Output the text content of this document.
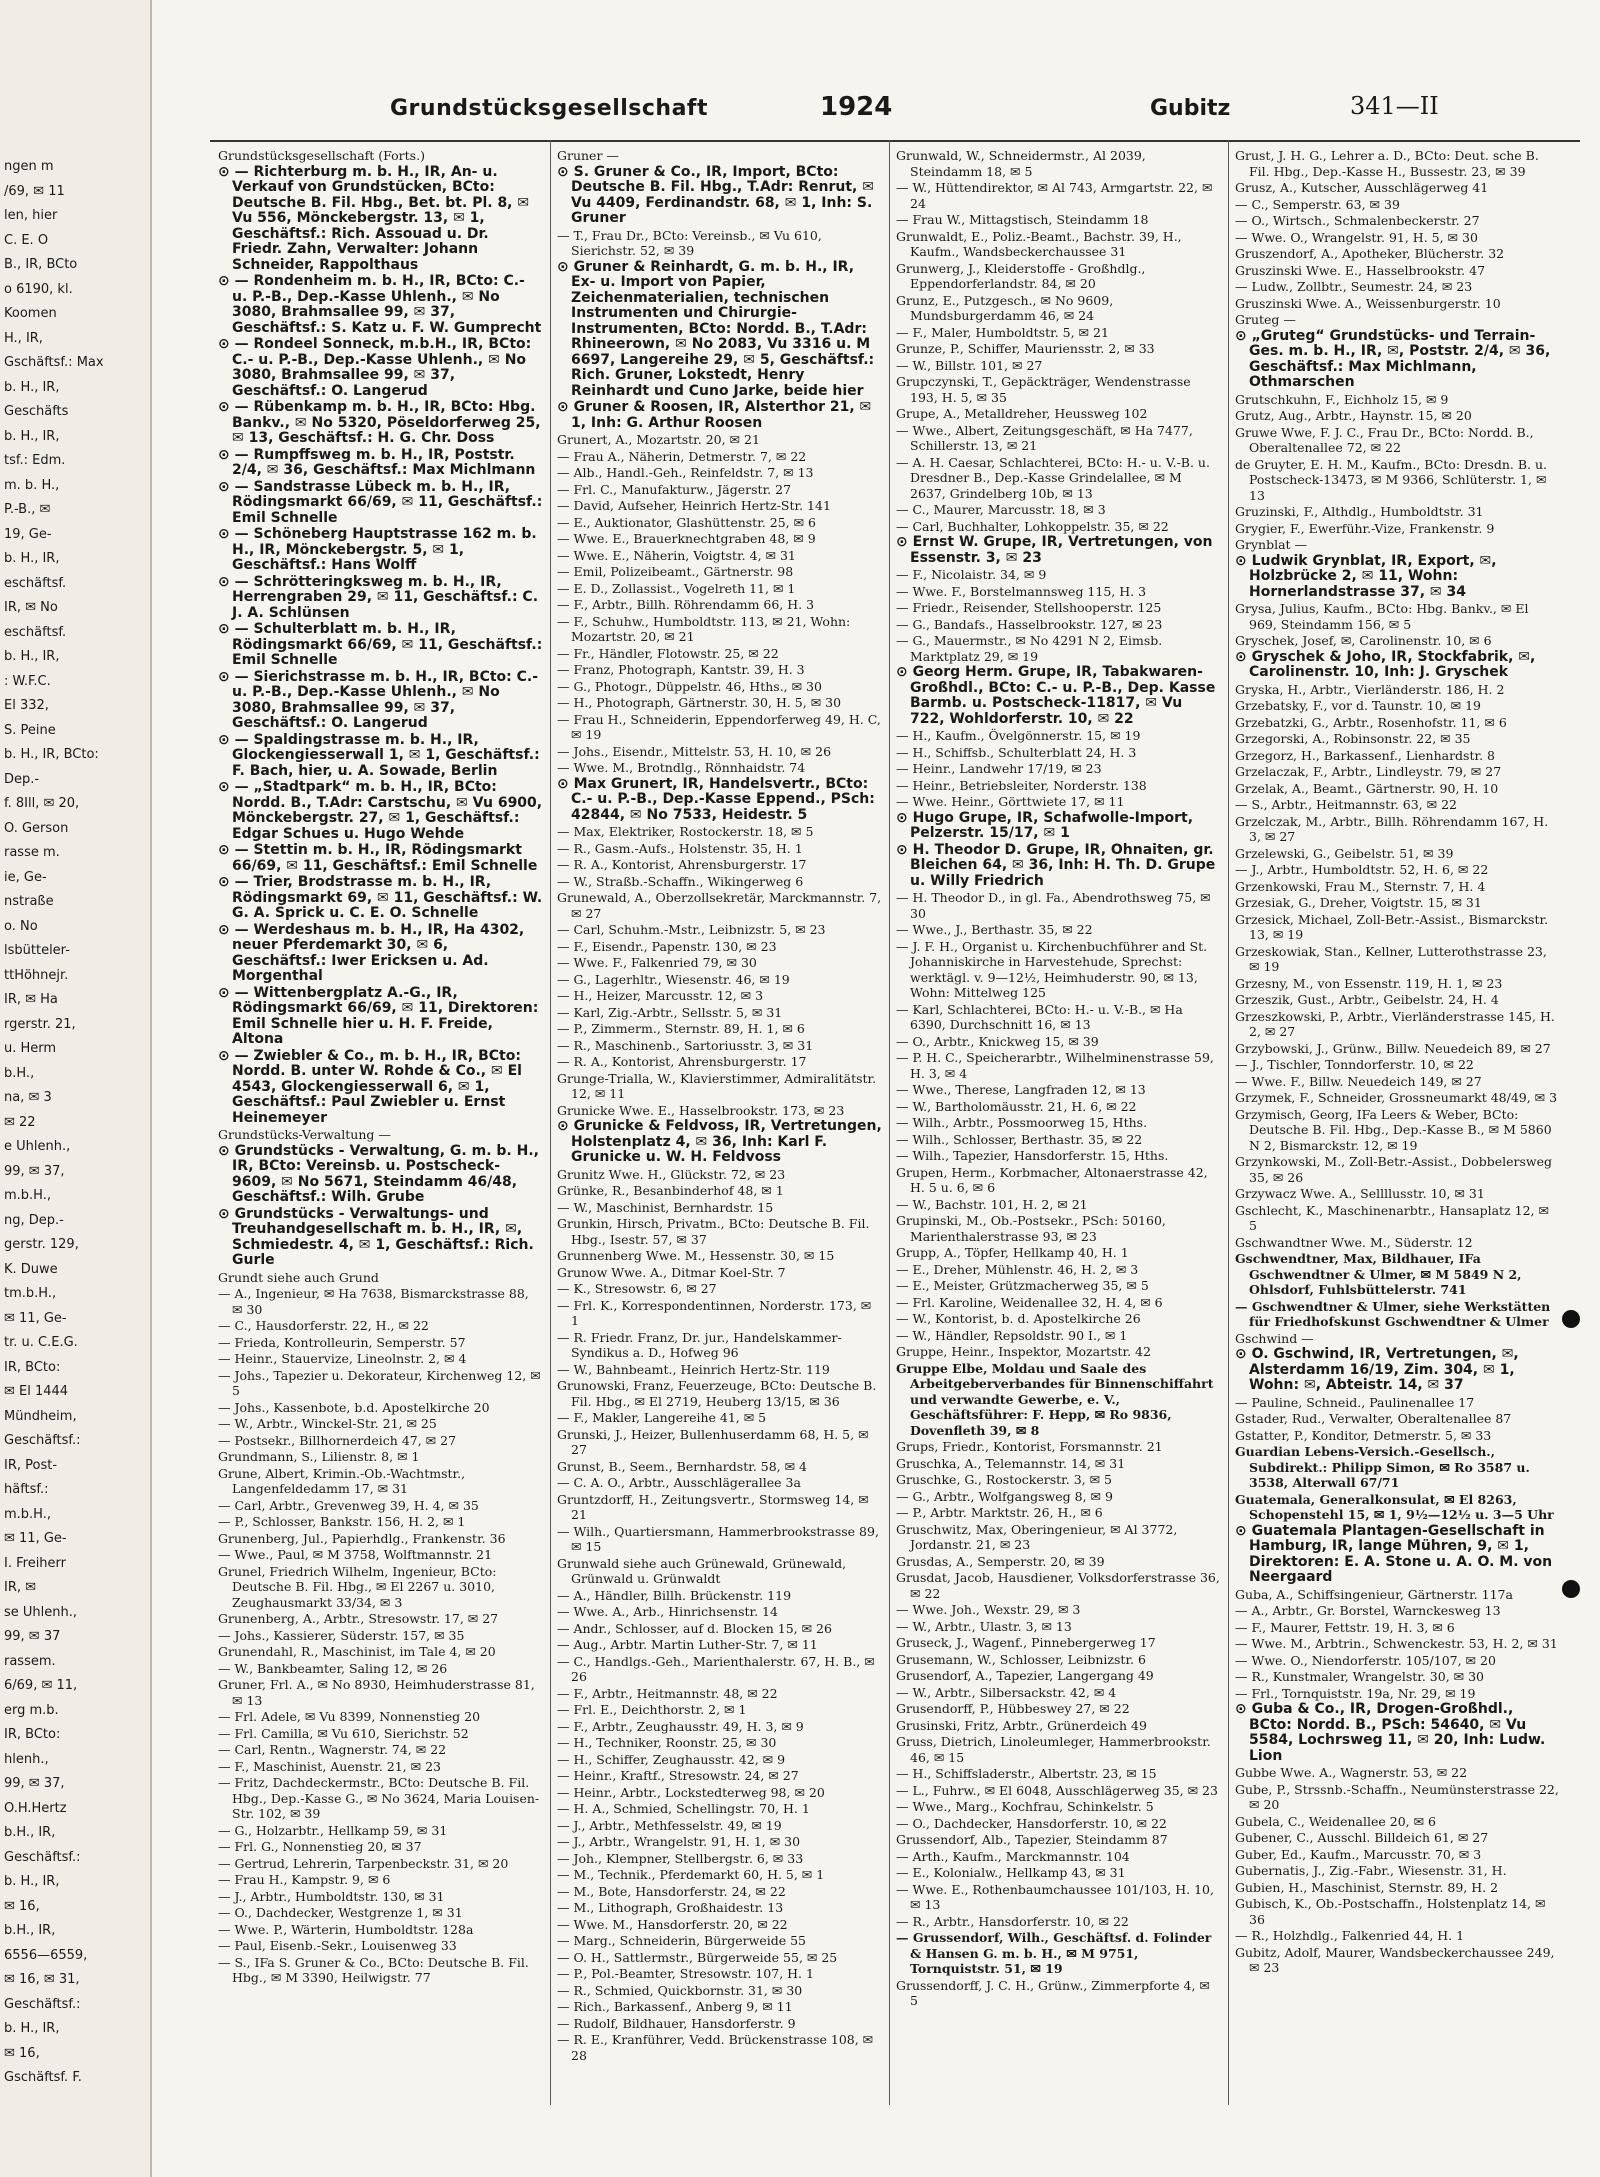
ngen m
/69, ✉ 11
len, hier
C. E. O
B., IR, BCto
o 6190, kl.
Koomen
H., IR,
Gschäftsf.: Max
b. H., IR,
Geschäfts
b. H., IR,
tsf.: Edm.
m. b. H.,
P.-B., ✉
19, Ge-
b. H., IR,
eschäftsf.
IR, ✉ No
eschäftsf.
b. H., IR,
: W.F.C.
El 332,
S. Peine
b. H., IR, BCto:
Dep.-
f. 8Ill, ✉ 20,
O. Gerson
rasse m.
ie, Ge-
nstraße
o. No
lsbütteler-
ttHöhnejr.
IR, ✉ Ha
rgerstr. 21,
u. Herm
b.H.,
na, ✉ 3
✉ 22
e Uhlenh.,
99, ✉ 37,
m.b.H.,
ng, Dep.-
gerstr. 129,
K. Duwe
tm.b.H.,
✉ 11, Ge-
tr. u. C.E.G.
IR, BCto:
✉ El 1444
Mündheim,
Geschäftsf.:
IR, Post-
häftsf.:
m.b.H.,
✉ 11, Ge-
I. Freiherr
IR, ✉
se Uhlenh.,
99, ✉ 37
rassem.
6/69, ✉ 11,
erg m.b.
IR, BCto:
hlenh.,
99, ✉ 37,
O.H.Hertz
b.H., IR,
Geschäftsf.:
b. H., IR,
✉ 16,
b.H., IR,
6556—6559,
✉ 16, ✉ 31,
Geschäftsf.:
b. H., IR,
✉ 16,
Gschäftsf. F.
Grundstücksgesellschaft	1924	Gubitz	341—II
Grundstücksgesellschaft (Forts.)
⊙ — Richterburg m. b. H., IR, An- u. Verkauf von Grundstücken, BCto: Deutsche B. Fil. Hbg., Bet. bt. Pl. 8, ✉ Vu 556, Mönckebergstr. 13, ✉ 1, Geschäftsf.: Rich. Assouad u. Dr. Friedr. Zahn, Verwalter: Johann Schneider, Rappolthaus
⊙ — Rondenheim m. b. H., IR, BCto: C.- u. P.-B., Dep.-Kasse Uhlenh., ✉ No 3080, Brahmsallee 99, ✉ 37, Geschäftsf.: S. Katz u. F. W. Gumprecht
⊙ — Rondeel Sonneck, m.b.H., IR, BCto: C.- u. P.-B., Dep.-Kasse Uhlenh., ✉ No 3080, Brahmsallee 99, ✉ 37, Geschäftsf.: O. Langerud
⊙ — Rübenkamp m. b. H., IR, BCto: Hbg. Bankv., ✉ No 5320, Pöseldorferweg 25, ✉ 13, Geschäftsf.: H. G. Chr. Doss
⊙ — Rumpffsweg m. b. H., IR, Poststr. 2/4, ✉ 36, Geschäftsf.: Max Michlmann
⊙ — Sandstrasse Lübeck m. b. H., IR, Rödingsmarkt 66/69, ✉ 11, Geschäftsf.: Emil Schnelle
⊙ — Schöneberg Hauptstrasse 162 m. b. H., IR, Mönckebergstr. 5, ✉ 1, Geschäftsf.: Hans Wolff
⊙ — Schrötteringksweg m. b. H., IR, Herrengraben 29, ✉ 11, Geschäftsf.: C. J. A. Schlünsen
⊙ — Schulterblatt m. b. H., IR, Rödingsmarkt 66/69, ✉ 11, Geschäftsf.: Emil Schnelle
⊙ — Sierichstrasse m. b. H., IR, BCto: C.- u. P.-B., Dep.-Kasse Uhlenh., ✉ No 3080, Brahmsallee 99, ✉ 37, Geschäftsf.: O. Langerud
⊙ — Spaldingstrasse m. b. H., IR, Glockengiesserwall 1, ✉ 1, Geschäftsf.: F. Bach, hier, u. A. Sowade, Berlin
⊙ — „Stadtpark“ m. b. H., IR, BCto: Nordd. B., T.Adr: Carstschu, ✉ Vu 6900, Mönckebergstr. 27, ✉ 1, Geschäftsf.: Edgar Schues u. Hugo Wehde
⊙ — Stettin m. b. H., IR, Rödingsmarkt 66/69, ✉ 11, Geschäftsf.: Emil Schnelle
⊙ — Trier, Brodstrasse m. b. H., IR, Rödingsmarkt 69, ✉ 11, Geschäftsf.: W. G. A. Sprick u. C. E. O. Schnelle
⊙ — Werdeshaus m. b. H., IR, Ha 4302, neuer Pferdemarkt 30, ✉ 6, Geschäftsf.: Iwer Ericksen u. Ad. Morgenthal
⊙ — Wittenbergplatz A.-G., IR, Rödingsmarkt 66/69, ✉ 11, Direktoren: Emil Schnelle hier u. H. F. Freide, Altona
⊙ — Zwiebler & Co., m. b. H., IR, BCto: Nordd. B. unter W. Rohde & Co., ✉ El 4543, Glockengiesserwall 6, ✉ 1, Geschäftsf.: Paul Zwiebler u. Ernst Heinemeyer
Grundstücks-Verwaltung —
⊙ Grundstücks - Verwaltung, G. m. b. H., IR, BCto: Vereinsb. u. Postscheck-9609, ✉ No 5671, Steindamm 46/48, Geschäftsf.: Wilh. Grube
⊙ Grundstücks - Verwaltungs- und Treuhandgesellschaft m. b. H., IR, ✉, Schmiedestr. 4, ✉ 1, Geschäftsf.: Rich. Gurle
Grundt siehe auch Grund
— A., Ingenieur, ✉ Ha 7638, Bismarckstrasse 88, ✉ 30
— C., Hausdorferstr. 22, H., ✉ 22
— Frieda, Kontrolleurin, Semperstr. 57
— Heinr., Stauervize, Lineolnstr. 2, ✉ 4
— Johs., Tapezier u. Dekorateur, Kirchenweg 12, ✉ 5
— Johs., Kassenbote, b.d. Apostelkirche 20
— W., Arbtr., Winckel-Str. 21, ✉ 25
— Postsekr., Billhornerdeich 47, ✉ 27
Grundmann, S., Lilienstr. 8, ✉ 1
Grune, Albert, Krimin.-Ob.-Wachtmstr., Langenfeldedamm 17, ✉ 31
— Carl, Arbtr., Grevenweg 39, H. 4, ✉ 35
— P., Schlosser, Bankstr. 156, H. 2, ✉ 1
Grunenberg, Jul., Papierhdlg., Frankenstr. 36
— Wwe., Paul, ✉ M 3758, Wolftmannstr. 21
Grunel, Friedrich Wilhelm, Ingenieur, BCto: Deutsche B. Fil. Hbg., ✉ El 2267 u. 3010, Zeughausmarkt 33/34, ✉ 3
Grunenberg, A., Arbtr., Stresowstr. 17, ✉ 27
— Johs., Kassierer, Süderstr. 157, ✉ 35
Grunendahl, R., Maschinist, im Tale 4, ✉ 20
— W., Bankbeamter, Saling 12, ✉ 26
Gruner, Frl. A., ✉ No 8930, Heimhuderstrasse 81, ✉ 13
— Frl. Adele, ✉ Vu 8399, Nonnenstieg 20
— Frl. Camilla, ✉ Vu 610, Sierichstr. 52
— Carl, Rentn., Wagnerstr. 74, ✉ 22
— F., Maschinist, Auenstr. 21, ✉ 23
— Fritz, Dachdeckermstr., BCto: Deutsche B. Fil. Hbg., Dep.-Kasse G., ✉ No 3624, Maria Louisen-Str. 102, ✉ 39
— G., Holzarbtr., Hellkamp 59, ✉ 31
— Frl. G., Nonnenstieg 20, ✉ 37
— Gertrud, Lehrerin, Tarpenbeckstr. 31, ✉ 20
— Frau H., Kampstr. 9, ✉ 6
— J., Arbtr., Humboldtstr. 130, ✉ 31
— O., Dachdecker, Westgrenze 1, ✉ 31
— Wwe. P., Wärterin, Humboldtstr. 128a
— Paul, Eisenb.-Sekr., Louisenweg 33
— S., IFa S. Gruner & Co., BCto: Deutsche B. Fil. Hbg., ✉ M 3390, Heilwigstr. 77
Gruner —
⊙ S. Gruner & Co., IR, Import, BCto: Deutsche B. Fil. Hbg., T.Adr: Renrut, ✉ Vu 4409, Ferdinandstr. 68, ✉ 1, Inh: S. Gruner
— T., Frau Dr., BCto: Vereinsb., ✉ Vu 610, Sierichstr. 52, ✉ 39
⊙ Gruner & Reinhardt, G. m. b. H., IR, Ex- u. Import von Papier, Zeichenmaterialien, technischen Instrumenten und Chirurgie-Instrumenten, BCto: Nordd. B., T.Adr: Rhineerown, ✉ No 2083, Vu 3316 u. M 6697, Langereihe 29, ✉ 5, Geschäftsf.: Rich. Gruner, Lokstedt, Henry Reinhardt und Cuno Jarke, beide hier
⊙ Gruner & Roosen, IR, Alsterthor 21, ✉ 1, Inh: G. Arthur Roosen
Grunert, A., Mozartstr. 20, ✉ 21
— Frau A., Näherin, Detmerstr. 7, ✉ 22
— Alb., Handl.-Geh., Reinfeldstr. 7, ✉ 13
— Frl. C., Manufakturw., Jägerstr. 27
— David, Aufseher, Heinrich Hertz-Str. 141
— E., Auktionator, Glashüttenstr. 25, ✉ 6
— Wwe. E., Brauerknechtgraben 48, ✉ 9
— Wwe. E., Näherin, Voigtstr. 4, ✉ 31
— Emil, Polizeibeamt., Gärtnerstr. 98
— E. D., Zollassist., Vogelreth 11, ✉ 1
— F., Arbtr., Billh. Röhrendamm 66, H. 3
— F., Schuhw., Humboldtstr. 113, ✉ 21, Wohn: Mozartstr. 20, ✉ 21
— Fr., Händler, Flotowstr. 25, ✉ 22
— Franz, Photograph, Kantstr. 39, H. 3
— G., Photogr., Düppelstr. 46, Hths., ✉ 30
— H., Photograph, Gärtnerstr. 30, H. 5, ✉ 30
— Frau H., Schneiderin, Eppendorferweg 49, H. C, ✉ 19
— Johs., Eisendr., Mittelstr. 53, H. 10, ✉ 26
— Wwe. M., Brotndlg., Rönnhaidstr. 74
⊙ Max Grunert, IR, Handelsvertr., BCto: C.- u. P.-B., Dep.-Kasse Eppend., PSch: 42844, ✉ No 7533, Heidestr. 5
— Max, Elektriker, Rostockerstr. 18, ✉ 5
— R., Gasm.-Aufs., Holstenstr. 35, H. 1
— R. A., Kontorist, Ahrensburgerstr. 17
— W., Straßb.-Schaffn., Wikingerweg 6
Grunewald, A., Oberzollsekretär, Marckmannstr. 7, ✉ 27
— Carl, Schuhm.-Mstr., Leibnizstr. 5, ✉ 23
— F., Eisendr., Papenstr. 130, ✉ 23
— Wwe. F., Falkenried 79, ✉ 30
— G., Lagerhltr., Wiesenstr. 46, ✉ 19
— H., Heizer, Marcusstr. 12, ✉ 3
— Karl, Zig.-Arbtr., Sellsstr. 5, ✉ 31
— P., Zimmerm., Sternstr. 89, H. 1, ✉ 6
— R., Maschinenb., Sartoriusstr. 3, ✉ 31
— R. A., Kontorist, Ahrensburgerstr. 17
Grunge-Trialla, W., Klavierstimmer, Admiralitätstr. 12, ✉ 11
Grunicke Wwe. E., Hasselbrookstr. 173, ✉ 23
⊙ Grunicke & Feldvoss, IR, Vertretungen, Holstenplatz 4, ✉ 36, Inh: Karl F. Grunicke u. W. H. Feldvoss
Grunitz Wwe. H., Glückstr. 72, ✉ 23
Grünke, R., Besanbinderhof 48, ✉ 1
— W., Maschinist, Bernhardstr. 15
Grunkin, Hirsch, Privatm., BCto: Deutsche B. Fil. Hbg., Isestr. 57, ✉ 37
Grunnenberg Wwe. M., Hessenstr. 30, ✉ 15
Grunow Wwe. A., Ditmar Koel-Str. 7
— K., Stresowstr. 6, ✉ 27
— Frl. K., Korrespondentinnen, Norderstr. 173, ✉ 1
— R. Friedr. Franz, Dr. jur., Handelskammer-Syndikus a. D., Hofweg 96
— W., Bahnbeamt., Heinrich Hertz-Str. 119
Grunowski, Franz, Feuerzeuge, BCto: Deutsche B. Fil. Hbg., ✉ El 2719, Heuberg 13/15, ✉ 36
— F., Makler, Langereihe 41, ✉ 5
Grunski, J., Heizer, Bullenhuserdamm 68, H. 5, ✉ 27
Grunst, B., Seem., Bernhardstr. 58, ✉ 4
— C. A. O., Arbtr., Ausschlägerallee 3a
Gruntzdorff, H., Zeitungsvertr., Stormsweg 14, ✉ 21
— Wilh., Quartiersmann, Hammerbrookstrasse 89, ✉ 15
Grunwald siehe auch Grünewald, Grünewald, Grünwald u. Grünwaldt
— A., Händler, Billh. Brückenstr. 119
— Wwe. A., Arb., Hinrichsenstr. 14
— Andr., Schlosser, auf d. Blocken 15, ✉ 26
— Aug., Arbtr. Martin Luther-Str. 7, ✉ 11
— C., Handlgs.-Geh., Marienthalerstr. 67, H. B., ✉ 26
— F., Arbtr., Heitmannstr. 48, ✉ 22
— Frl. E., Deichthorstr. 2, ✉ 1
— F., Arbtr., Zeughausstr. 49, H. 3, ✉ 9
— H., Techniker, Roonstr. 25, ✉ 30
— H., Schiffer, Zeughausstr. 42, ✉ 9
— Heinr., Kraftf., Stresowstr. 24, ✉ 27
— Heinr., Arbtr., Lockstedterweg 98, ✉ 20
— H. A., Schmied, Schellingstr. 70, H. 1
— J., Arbtr., Methfesselstr. 49, ✉ 19
— J., Arbtr., Wrangelstr. 91, H. 1, ✉ 30
— Joh., Klempner, Stellbergstr. 6, ✉ 33
— M., Technik., Pferdemarkt 60, H. 5, ✉ 1
— M., Bote, Hansdorferstr. 24, ✉ 22
— M., Lithograph, Großhaidestr. 13
— Wwe. M., Hansdorferstr. 20, ✉ 22
— Marg., Schneiderin, Bürgerweide 55
— O. H., Sattlermstr., Bürgerweide 55, ✉ 25
— P., Pol.-Beamter, Stresowstr. 107, H. 1
— R., Schmied, Quickbornstr. 31, ✉ 30
— Rich., Barkassenf., Anberg 9, ✉ 11
— Rudolf, Bildhauer, Hansdorferstr. 9
— R. E., Kranführer, Vedd. Brückenstrasse 108, ✉ 28
Grunwald, W., Schneidermstr., Al 2039, Steindamm 18, ✉ 5
— W., Hüttendirektor, ✉ Al 743, Armgartstr. 22, ✉ 24
— Frau W., Mittagstisch, Steindamm 18
Grunwaldt, E., Poliz.-Beamt., Bachstr. 39, H., Kaufm., Wandsbeckerchaussee 31
Grunwerg, J., Kleiderstoffe - Großhdlg., Eppendorferlandstr. 84, ✉ 20
Grunz, E., Putzgesch., ✉ No 9609, Mundsburgerdamm 46, ✉ 24
— F., Maler, Humboldtstr. 5, ✉ 21
Grunze, P., Schiffer, Mauriensstr. 2, ✉ 33
— W., Billstr. 101, ✉ 27
Grupczynski, T., Gepäckträger, Wendenstrasse 193, H. 5, ✉ 35
Grupe, A., Metalldreher, Heussweg 102
— Wwe., Albert, Zeitungsgeschäft, ✉ Ha 7477, Schillerstr. 13, ✉ 21
— A. H. Caesar, Schlachterei, BCto: H.- u. V.-B. u. Dresdner B., Dep.-Kasse Grindelallee, ✉ M 2637, Grindelberg 10b, ✉ 13
— C., Maurer, Marcusstr. 18, ✉ 3
— Carl, Buchhalter, Lohkoppelstr. 35, ✉ 22
⊙ Ernst W. Grupe, IR, Vertretungen, von Essenstr. 3, ✉ 23
— F., Nicolaistr. 34, ✉ 9
— Wwe. F., Borstelmannsweg 115, H. 3
— Friedr., Reisender, Stellshooperstr. 125
— G., Bandafs., Hasselbrookstr. 127, ✉ 23
— G., Mauermstr., ✉ No 4291 N 2, Eimsb. Marktplatz 29, ✉ 19
⊙ Georg Herm. Grupe, IR, Tabakwaren-Großhdl., BCto: C.- u. P.-B., Dep. Kasse Barmb. u. Postscheck-11817, ✉ Vu 722, Wohldorferstr. 10, ✉ 22
— H., Kaufm., Övelgönnerstr. 15, ✉ 19
— H., Schiffsb., Schulterblatt 24, H. 3
— Heinr., Landwehr 17/19, ✉ 23
— Heinr., Betriebsleiter, Norderstr. 138
— Wwe. Heinr., Görttwiete 17, ✉ 11
⊙ Hugo Grupe, IR, Schafwolle-Import, Pelzerstr. 15/17, ✉ 1
⊙ H. Theodor D. Grupe, IR, Ohnaiten, gr. Bleichen 64, ✉ 36, Inh: H. Th. D. Grupe u. Willy Friedrich
— H. Theodor D., in gl. Fa., Abendrothsweg 75, ✉ 30
— Wwe., J., Berthastr. 35, ✉ 22
— J. F. H., Organist u. Kirchenbuchführer and St. Johanniskirche in Harvestehude, Sprechst: werktägl. v. 9—12½, Heimhuderstr. 90, ✉ 13, Wohn: Mittelweg 125
— Karl, Schlachterei, BCto: H.- u. V.-B., ✉ Ha 6390, Durchschnitt 16, ✉ 13
— O., Arbtr., Knickweg 15, ✉ 39
— P. H. C., Speicherarbtr., Wilhelminenstrasse 59, H. 3, ✉ 4
— Wwe., Therese, Langfraden 12, ✉ 13
— W., Bartholomäusstr. 21, H. 6, ✉ 22
— Wilh., Arbtr., Possmoorweg 15, Hths.
— Wilh., Schlosser, Berthastr. 35, ✉ 22
— Wilh., Tapezier, Hansdorferstr. 15, Hths.
Grupen, Herm., Korbmacher, Altonaerstrasse 42, H. 5 u. 6, ✉ 6
— W., Bachstr. 101, H. 2, ✉ 21
Grupinski, M., Ob.-Postsekr., PSch: 50160, Marienthalerstrasse 93, ✉ 23
Grupp, A., Töpfer, Hellkamp 40, H. 1
— E., Dreher, Mühlenstr. 46, H. 2, ✉ 3
— E., Meister, Grützmacherweg 35, ✉ 5
— Frl. Karoline, Weidenallee 32, H. 4, ✉ 6
— W., Kontorist, b. d. Apostelkirche 26
— W., Händler, Repsoldstr. 90 I., ✉ 1
Gruppe, Heinr., Inspektor, Mozartstr. 42
Gruppe Elbe, Moldau und Saale des Arbeitgeberverbandes für Binnenschiffahrt und verwandte Gewerbe, e. V., Geschäftsführer: F. Hepp, ✉ Ro 9836, Dovenfleth 39, ✉ 8
Grups, Friedr., Kontorist, Forsmannstr. 21
Gruschka, A., Telemannstr. 14, ✉ 31
Gruschke, G., Rostockerstr. 3, ✉ 5
— G., Arbtr., Wolfgangsweg 8, ✉ 9
— P., Arbtr. Marktstr. 26, H., ✉ 6
Gruschwitz, Max, Oberingenieur, ✉ Al 3772, Jordanstr. 21, ✉ 23
Grusdas, A., Semperstr. 20, ✉ 39
Grusdat, Jacob, Hausdiener, Volksdorferstrasse 36, ✉ 22
— Wwe. Joh., Wexstr. 29, ✉ 3
— W., Arbtr., Ulastr. 3, ✉ 13
Gruseck, J., Wagenf., Pinnebergerweg 17
Grusemann, W., Schlosser, Leibnizstr. 6
Grusendorf, A., Tapezier, Langergang 49
— W., Arbtr., Silbersackstr. 42, ✉ 4
Grusendorff, P., Hübbeswey 27, ✉ 22
Grusinski, Fritz, Arbtr., Grünerdeich 49
Gruss, Dietrich, Linoleumleger, Hammerbrookstr. 46, ✉ 15
— H., Schiffsladerstr., Albertstr. 23, ✉ 15
— L., Fuhrw., ✉ El 6048, Ausschlägerweg 35, ✉ 23
— Wwe., Marg., Kochfrau, Schinkelstr. 5
— O., Dachdecker, Hansdorferstr. 10, ✉ 22
Grussendorf, Alb., Tapezier, Steindamm 87
— Arth., Kaufm., Marckmannstr. 104
— E., Kolonialw., Hellkamp 43, ✉ 31
— Wwe. E., Rothenbaumchaussee 101/103, H. 10, ✉ 13
— R., Arbtr., Hansdorferstr. 10, ✉ 22
— Grussendorf, Wilh., Geschäftsf. d. Folinder & Hansen G. m. b. H., ✉ M 9751, Tornquiststr. 51, ✉ 19
Grussendorff, J. C. H., Grünw., Zimmerpforte 4, ✉ 5
Grust, J. H. G., Lehrer a. D., BCto: Deut. sche B. Fil. Hbg., Dep.-Kasse H., Bussestr. 23, ✉ 39
Grusz, A., Kutscher, Ausschlägerweg 41
— C., Semperstr. 63, ✉ 39
— O., Wirtsch., Schmalenbeckerstr. 27
— Wwe. O., Wrangelstr. 91, H. 5, ✉ 30
Gruszendorf, A., Apotheker, Blücherstr. 32
Gruszinski Wwe. E., Hasselbrookstr. 47
— Ludw., Zollbtr., Seumestr. 24, ✉ 23
Gruszinski Wwe. A., Weissenburgerstr. 10
Gruteg —
⊙ „Gruteg“ Grundstücks- und Terrain-Ges. m. b. H., IR, ✉, Poststr. 2/4, ✉ 36, Geschäftsf.: Max Michlmann, Othmarschen
Grutschkuhn, F., Eichholz 15, ✉ 9
Grutz, Aug., Arbtr., Haynstr. 15, ✉ 20
Gruwe Wwe, F. J. C., Frau Dr., BCto: Nordd. B., Oberaltenallee 72, ✉ 22
de Gruyter, E. H. M., Kaufm., BCto: Dresdn. B. u. Postscheck-13473, ✉ M 9366, Schlüterstr. 1, ✉ 13
Gruzinski, F., Althdlg., Humboldtstr. 31
Grygier, F., Ewerführ.-Vize, Frankenstr. 9
Grynblat —
⊙ Ludwik Grynblat, IR, Export, ✉, Holzbrücke 2, ✉ 11, Wohn: Hornerlandstrasse 37, ✉ 34
Grysa, Julius, Kaufm., BCto: Hbg. Bankv., ✉ El 969, Steindamm 156, ✉ 5
Gryschek, Josef, ✉, Carolinenstr. 10, ✉ 6
⊙ Gryschek & Joho, IR, Stockfabrik, ✉, Carolinenstr. 10, Inh: J. Gryschek
Gryska, H., Arbtr., Vierländerstr. 186, H. 2
Grzebatsky, F., vor d. Taunstr. 10, ✉ 19
Grzebatzki, G., Arbtr., Rosenhofstr. 11, ✉ 6
Grzegorski, A., Robinsonstr. 22, ✉ 35
Grzegorz, H., Barkassenf., Lienhardstr. 8
Grzelaczak, F., Arbtr., Lindleystr. 79, ✉ 27
Grzelak, A., Beamt., Gärtnerstr. 90, H. 10
— S., Arbtr., Heitmannstr. 63, ✉ 22
Grzelczak, M., Arbtr., Billh. Röhrendamm 167, H. 3, ✉ 27
Grzelewski, G., Geibelstr. 51, ✉ 39
— J., Arbtr., Humboldtstr. 52, H. 6, ✉ 22
Grzenkowski, Frau M., Sternstr. 7, H. 4
Grzesiak, G., Dreher, Voigtstr. 15, ✉ 31
Grzesick, Michael, Zoll-Betr.-Assist., Bismarckstr. 13, ✉ 19
Grzeskowiak, Stan., Kellner, Lutterothstrasse 23, ✉ 19
Grzesny, M., von Essenstr. 119, H. 1, ✉ 23
Grzeszik, Gust., Arbtr., Geibelstr. 24, H. 4
Grzeszkowski, P., Arbtr., Vierländerstrasse 145, H. 2, ✉ 27
Grzybowski, J., Grünw., Billw. Neuedeich 89, ✉ 27
— J., Tischler, Tonndorferstr. 10, ✉ 22
— Wwe. F., Billw. Neuedeich 149, ✉ 27
Grzymek, F., Schneider, Grossneumarkt 48/49, ✉ 3
Grzymisch, Georg, IFa Leers & Weber, BCto: Deutsche B. Fil. Hbg., Dep.-Kasse B., ✉ M 5860 N 2, Bismarckstr. 12, ✉ 19
Grzynkowski, M., Zoll-Betr.-Assist., Dobbelersweg 35, ✉ 26
Grzywacz Wwe. A., Sellllusstr. 10, ✉ 31
Gschlecht, K., Maschinenarbtr., Hansaplatz 12, ✉ 5
Gschwandtner Wwe. M., Süderstr. 12
Gschwendtner, Max, Bildhauer, IFa Gschwendtner & Ulmer, ✉ M 5849 N 2, Ohlsdorf, Fuhlsbüttelerstr. 741
— Gschwendtner & Ulmer, siehe Werkstätten für Friedhofskunst Gschwendtner & Ulmer
Gschwind —
⊙ O. Gschwind, IR, Vertretungen, ✉, Alsterdamm 16/19, Zim. 304, ✉ 1, Wohn: ✉, Abteistr. 14, ✉ 37
— Pauline, Schneid., Paulinenallee 17
Gstader, Rud., Verwalter, Oberaltenallee 87
Gstatter, P., Konditor, Detmerstr. 5, ✉ 33
Guardian Lebens-Versich.-Gesellsch., Subdirekt.: Philipp Simon, ✉ Ro 3587 u. 3538, Alterwall 67/71
Guatemala, Generalkonsulat, ✉ El 8263, Schopenstehl 15, ✉ 1, 9½—12½ u. 3—5 Uhr
⊙ Guatemala Plantagen-Gesellschaft in Hamburg, IR, lange Mühren, 9, ✉ 1, Direktoren: E. A. Stone u. A. O. M. von Neergaard
Guba, A., Schiffsingenieur, Gärtnerstr. 117a
— A., Arbtr., Gr. Borstel, Warnckesweg 13
— F., Maurer, Fettstr. 19, H. 3, ✉ 6
— Wwe. M., Arbtrin., Schwenckestr. 53, H. 2, ✉ 31
— Wwe. O., Niendorferstr. 105/107, ✉ 20
— R., Kunstmaler, Wrangelstr. 30, ✉ 30
— Frl., Tornquiststr. 19a, Nr. 29, ✉ 19
⊙ Guba & Co., IR, Drogen-Großhdl., BCto: Nordd. B., PSch: 54640, ✉ Vu 5584, Lochrsweg 11, ✉ 20, Inh: Ludw. Lion
Gubbe Wwe. A., Wagnerstr. 53, ✉ 22
Gube, P., Strssnb.-Schaffn., Neumünsterstrasse 22, ✉ 20
Gubela, C., Weidenallee 20, ✉ 6
Gubener, C., Ausschl. Billdeich 61, ✉ 27
Guber, Ed., Kaufm., Marcusstr. 70, ✉ 3
Gubernatis, J., Zig.-Fabr., Wiesenstr. 31, H.
Gubien, H., Maschinist, Sternstr. 89, H. 2
Gubisch, K., Ob.-Postschaffn., Holstenplatz 14, ✉ 36
— R., Holzhdlg., Falkenried 44, H. 1
Gubitz, Adolf, Maurer, Wandsbeckerchaussee 249, ✉ 23
